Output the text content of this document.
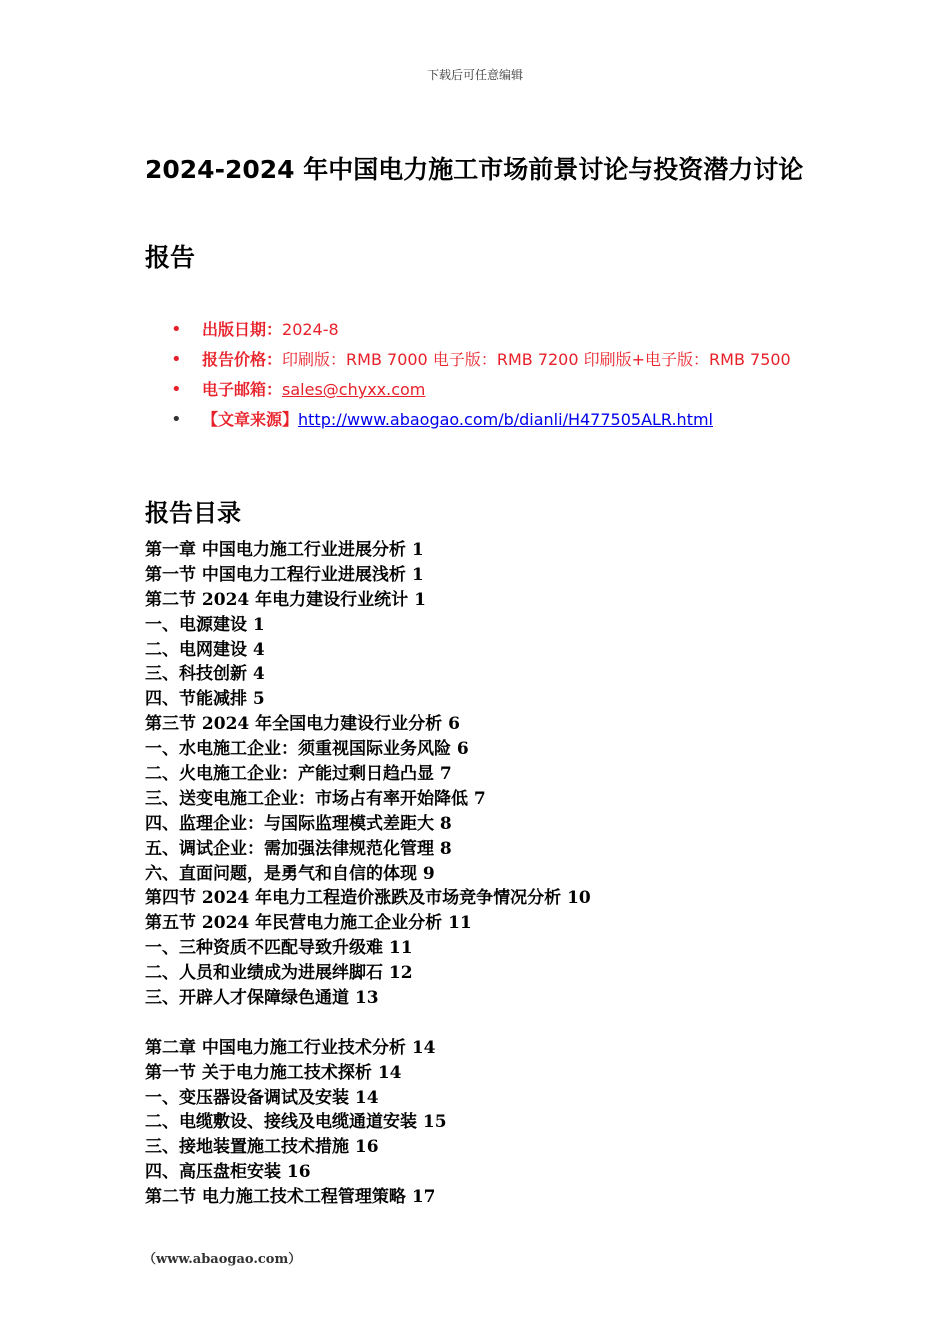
下载后可任意编辑
2024-2024 年中国电力施工市场前景讨论与投资潜力讨论
报告
• 出版日期：2024-8
• 报告价格：印刷版：RMB 7000 电子版：RMB 7200 印刷版+电子版：RMB 7500
• 电子邮箱：sales@chyxx.com
• 【文章来源】http://www.abaogao.com/b/dianli/H477505ALR.html
报告目录
第一章 中国电力施工行业进展分析 1
第一节 中国电力工程行业进展浅析 1
第二节 2024 年电力建设行业统计 1
一、电源建设 1
二、电网建设 4
三、科技创新 4
四、节能减排 5
第三节 2024 年全国电力建设行业分析 6
一、水电施工企业：须重视国际业务风险 6
二、火电施工企业：产能过剩日趋凸显 7
三、送变电施工企业：市场占有率开始降低 7
四、监理企业：与国际监理模式差距大 8
五、调试企业：需加强法律规范化管理 8
六、直面问题，是勇气和自信的体现 9
第四节 2024 年电力工程造价涨跌及市场竞争情况分析 10
第五节 2024 年民营电力施工企业分析 11
一、三种资质不匹配导致升级难 11
二、人员和业绩成为进展绊脚石 12
三、开辟人才保障绿色通道 13
第二章 中国电力施工行业技术分析 14
第一节 关于电力施工技术探析 14
一、变压器设备调试及安装 14
二、电缆敷设、接线及电缆通道安装 15
三、接地装置施工技术措施 16
四、高压盘柜安装 16
第二节 电力施工技术工程管理策略 17
（www.abaogao.com）
